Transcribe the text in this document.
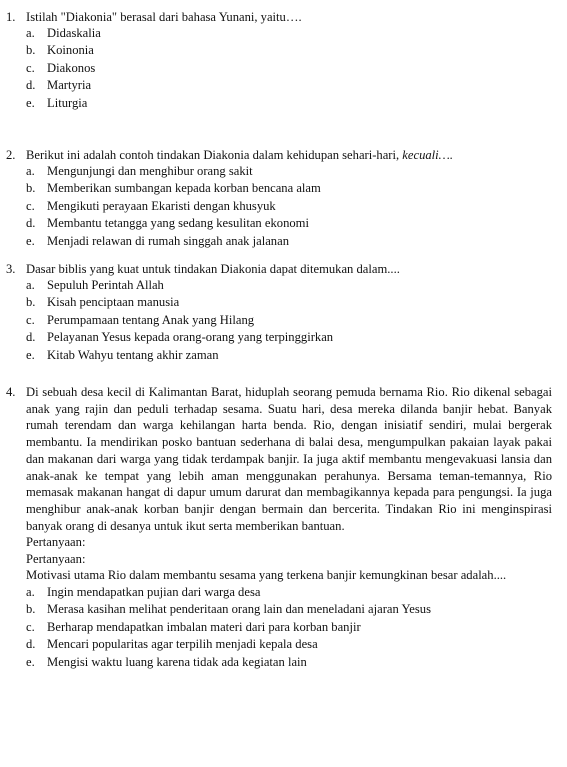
1. Istilah "Diakonia" berasal dari bahasa Yunani, yaitu….
a. Didaskalia
b. Koinonia
c. Diakonos
d. Martyria
e. Liturgia
2. Berikut ini adalah contoh tindakan Diakonia dalam kehidupan sehari-hari, kecuali….
a. Mengunjungi dan menghibur orang sakit
b. Memberikan sumbangan kepada korban bencana alam
c. Mengikuti perayaan Ekaristi dengan khusyuk
d. Membantu tetangga yang sedang kesulitan ekonomi
e. Menjadi relawan di rumah singgah anak jalanan
3. Dasar biblis yang kuat untuk tindakan Diakonia dapat ditemukan dalam....
a. Sepuluh Perintah Allah
b. Kisah penciptaan manusia
c. Perumpamaan tentang Anak yang Hilang
d. Pelayanan Yesus kepada orang-orang yang terpinggirkan
e. Kitab Wahyu tentang akhir zaman
4. Di sebuah desa kecil di Kalimantan Barat, hiduplah seorang pemuda bernama Rio. Rio dikenal sebagai anak yang rajin dan peduli terhadap sesama. Suatu hari, desa mereka dilanda banjir hebat. Banyak rumah terendam dan warga kehilangan harta benda. Rio, dengan inisiatif sendiri, mulai bergerak membantu. Ia mendirikan posko bantuan sederhana di balai desa, mengumpulkan pakaian layak pakai dan makanan dari warga yang tidak terdampak banjir. Ia juga aktif membantu mengevakuasi lansia dan anak-anak ke tempat yang lebih aman menggunakan perahunya. Bersama teman-temannya, Rio memasak makanan hangat di dapur umum darurat dan membagikannya kepada para pengungsi. Ia juga menghibur anak-anak korban banjir dengan bermain dan bercerita. Tindakan Rio ini menginspirasi banyak orang di desanya untuk ikut serta memberikan bantuan.

Pertanyaan:
Pertanyaan:
Motivasi utama Rio dalam membantu sesama yang terkena banjir kemungkinan besar adalah....
a. Ingin mendapatkan pujian dari warga desa
b. Merasa kasihan melihat penderitaan orang lain dan meneladani ajaran Yesus
c. Berharap mendapatkan imbalan materi dari para korban banjir
d. Mencari popularitas agar terpilih menjadi kepala desa
e. Mengisi waktu luang karena tidak ada kegiatan lain
